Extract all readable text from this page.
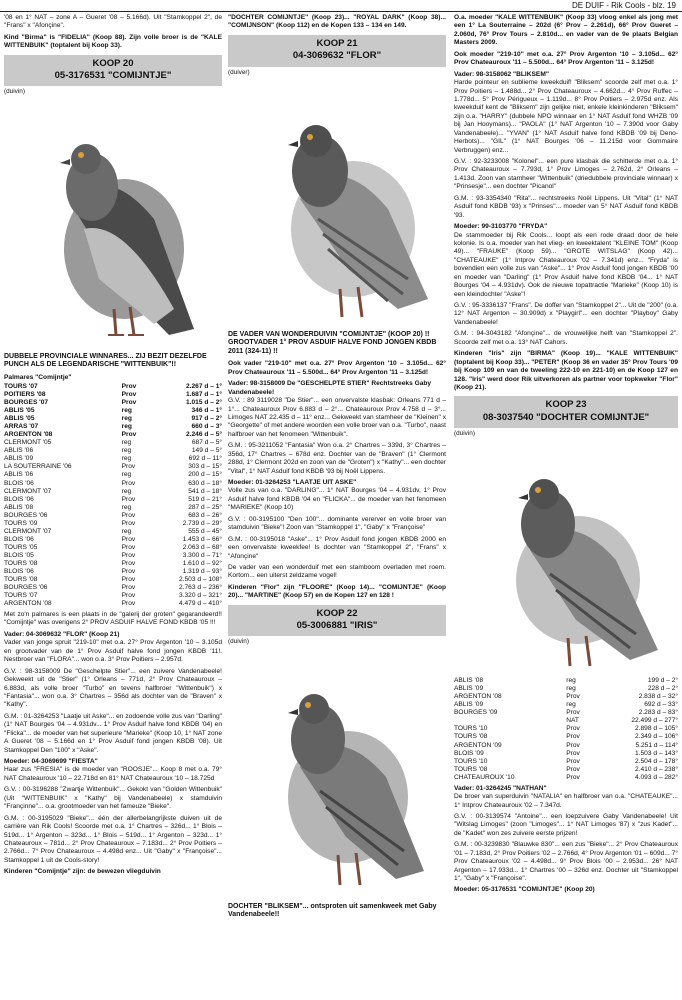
DE DUIF - Rik Cools - blz. 19

'08 en 1° NAT – zone A – Gueret '08 – 5.166d). Uit "Stamkoppel 2", de "Frans" x "Afonçine".

Kind "Birma" is "FIDELIA" (Koop 88). Zijn volle broer is de "KALE WITTENBUIK" (toptalent bij Koop 33).

KOOP 20
05-3176531 "COMIJNTJE"
(duivin)
DUBBELE PROVINCIALE WINNARES... ZIJ BEZIT DEZELFDE PUNCH ALS DE LEGENDARISCHE "WITTENBUIK"!!
Palmares "Comijntje"
TOURS '07	Prov	2.267 d – 1°
POITIERS '08	Prov	1.687 d – 1°
BOURGES '07	Prov	1.015 d – 2°
ABLIS '05	reg	346 d – 1°
ABLIS '05	reg	917 d – 2°
ARRAS '07	reg	660 d – 3°
ARGENTON '08	Prov	2.246 d – 5°
CLERMONT '05	reg	687 d – 5°
ABLIS '06	reg	149 d – 5°
ABLIS '09	reg	692 d – 11°
LA SOUTERRAINE '06	Prov	303 d – 15°
ABLIS '06	reg	200 d – 15°
BLOIS '06	Prov	630 d – 18°
CLERMONT '07	reg	541 d – 18°
BLOIS '06	Prov	519 d – 21°
ABLIS '08	reg	287 d – 25°
BOURGES '06	Prov	683 d – 26°
TOURS '09	Prov	2.739 d – 29°
CLERMONT '07	reg	555 d – 45°
BLOIS '06	Prov	1.453 d – 66°
TOURS '05	Prov	2.063 d – 68°
BLOIS '05	Prov	3.300 d – 71°
TOURS '08	Prov	1.610 d – 92°
BLOIS '06	Prov	1.319 d – 93°
TOURS '08	Prov	2.503 d – 108°
BOURGES '06	Prov	2.763 d – 236°
TOURS '07	Prov	3.320 d – 321°
ARGENTON '08	Prov	4.479 d – 410°

Met zo'n palmares is een plaats in de "galerij der groten" gegarandeerd!! "Comijntje" was overigens 2° PROV ASDUIF HALVE FOND KBDB '05 !!!

Vader: 04-3069632 "FLOR" (Koop 21)

Vader van jonge spruit "219-10" met o.a. 27° Prov Argenton '10 – 3.105d en grootvader van de 1° Prov Asduif halve fond jongen KBDB '11!. Nestbroer van "FLORA"... won o.a. 3° Prov Poitiers – 2.957d.

G.V. : 98-3158009 De "Geschelpte Stier"... een zuivere Vandenabeele! Gekweekt uit de "Stier" (1° Orleans – 771d, 2° Prov Chateauroux – 6.883d, als volle broer "Turbo" en tevens halfbroer "Wittenbuik") x "Fantasia"... won o.a. 3° Chartres – 356d als dochter van de "Braven" x "Kathy".

G.M. : 01-3264253 "Laatje uit Aske"... en zodoende volle zus van "Darling" (1° NAT Bourges '04 – 4.931dv... 1° Prov Asduif halve fond KBDB '04) en "Flicka"... de moeder van het superieure "Marieke" (Koop 10, 1° NAT zone A Gueret '08 – 5.166d en 1° Prov Asduif fond jongen KBDB '08). Uit Stamkoppel Den "100" x "Aske".

Moeder: 04-3069699 "FIESTA"

Haar zus "FRESIA" is de moeder van "ROOSJE"... Koop 8 met o.a. 79° NAT Chateauroux '10 – 22.718d en 81° NAT Chateauroux '10 – 18.725d

G.V. : 00-3196288 "Zwartje Wittenbuik"... Gekokt van "Golden Wittenbuik" (Uit "WITTENBUIK" x "Kathy" bij Vandenabeele) x stamduivin "Françinne"... o.a. grootmoeder van het fameuze "Bieke".

G.M. : 00-3195029 "Bieke"... één der allerbelangrijkste duiven uit de carrière van Rik Cools! Scoorde met o.a. 1° Chartres – 326d... 1° Blois – 519d... 1° Argenton – 323d... 1° Blois – 519d... 1° Argenton – 323d... 1° Chateauroux – 781d... 2° Prov Chateauroux – 7.183d... 2° Prov Poitiers – 2.766d... 7° Prov Chateauroux – 4.498d enz... Uit "Gaby" x "Françoise"... Stamkoppel 1 uit de Cools-story!

Kinderen "Comijntje" zijn: de bewezen vliegduivin

"DOCHTER COMIJNTJE" (Koop 23)... "ROYAL DARK" (Koop 38)... "COMIJNSON" (Koop 112) en de Kopen 133 – 134 en 149.

KOOP 21
04-3069632 "FLOR"
(duiver)
DE VADER VAN WONDERDUIVIN "COMIJNTJE" (KOOP 20) !! GROOTVADER 1° PROV ASDUIF HALVE FOND JONGEN KBDB 2011 (324-11) !!

Ook vader "219-10" met o.a. 27° Prov Argenton '10 – 3.105d... 62° Prov Chateauroux '11 – 5.500d... 64° Prov Argenton '11 – 3.125d!

Vader: 98-3158009 De "GESCHELPTE STIER" Rechtstreeks Gaby Vandenabeele!

G.V. : 89 3119028 "De Stier"... een onvervalste klasbak: Orleans 771 d – 1°... Chateauroux Prov 6.883 d – 2°... Chateauroux Prov 4.758 d – 3°... Limoges NAT 22.435 d – 11° enz... Gekweekt van stamheer de "Kleinen" x "Georgette" of met andere woorden een volle broer van o.a. "Turbo", naast halfbroer van het fenomeen "Wittenbuik".

G.M. : 95-3211052 "Fantasia" Won o.a. 2° Chartres – 339d, 3° Chartres – 356d, 17° Chartres – 678d enz. Dochter van de "Braven" (1° Clermont 288d, 1° Clermont 202d en zoon van de "Groten") x "Kathy"... een dochter "Vital", 1° NAT Asduif fond KBDB '93 bij Noël Lippens.

Moeder: 01-3264253 "LAATJE UIT ASKE"

Volle zus van o.a. "DARLING"... 1° NAT Bourges '04 – 4.931dv, 1° Prov Asduif halve fond KBDB '04 en "FLICKA"... de moeder van het fenomeen "MARIEKE" (Koop 10)

G.V. : 00-3195100 "Den 100"... dominante vererver en volle broer van stamduivin "Bieke"! Zoon van "Stamkoppel 1", "Gaby" x "Françoise"

G.M. : 00-3195018 "Aske"... 1° Prov Asduif fond jongen KBDB 2000 en een onvervalste kweekfee! Is dochter van "Stamkoppel 2", "Frans" x "Afonçine"

De vader van een wonderduif met een stamboom overladen met roem. Kortom... een uiterst zeldzame vogel!

Kinderen "Flor" zijn "FLOORE" (Koop 14)... "COMIJNTJE" (Koop 20)... "MARTINE" (Koop 57) en de Kopen 127 en 128 !

KOOP 22
05-3006881 "IRIS"
(duivin)
DOCHTER "BLIKSEM"... ontsproten uit samenkweek met Gaby Vandenabeele!!

O.a. moeder "KALE WITTENBUIK" (Koop 33) vloog enkel als jong met een 1° La Souterraine – 202d (6° Prov – 2.261d), 66° Prov Gueret – 2.060d, 76° Prov Tours – 2.810d... en vader van de 9e plaats Belgian Masters 2009.

Ook moeder "219-10" met o.a. 27° Prov Argenton '10 – 3.105d... 62° Prov Chateauroux '11 – 5.500d... 64° Prov Argenton '11 – 3.125d!

Vader: 98-3158062 "BLIKSEM"

Harde pointeur en sublieme kweekduif! "Bliksem" scoorde zelf met o.a. 1° Prov Poitiers – 1.488d... 2° Prov Chateauroux – 4.662d... 4° Prov Ruffec – 1.778d... 5° Prov Périgueux – 1.119d... 8° Prov Poitiers – 2.975d enz. Als kweekduif kent de "Bliksem" zijn gelijke niet, enkele kleinkinderen "Bliksem" zijn o.a. "HARRY" (dubbele NPO winnaar en 1° NAT Asduif fond WHZB '09 bij Jan Hooymans)... "PAOLA" (1° NAT Argenton '10 – 7.390d voor Gaby Vandenabeele)... "YVAN" (1° NAT Asduif halve fond KBDB '09 bij Deno-Herbots)... "GIL" (1° NAT Bourges '06 – 11.215d voor Gommaire Verbruggen) enz...

G.V. : 92-3233008 "Kolonel"... een pure klasbak die schitterde met o.a. 1° Prov Chateauroux – 7.793d, 1° Prov Limoges – 2.762d, 2° Orleans – 1.413d. Zoon van stamheer "Wittenbuik" (driedubbele provinciale winnaar) x "Prinsesje"... een dochter "Picanol"

G.M. : 93-3354340 "Rita"... rechtstreeks Noël Lippens. Uit "Vital" (1° NAT Asduif fond KBDB '93) x "Prinses"... moeder van 5° NAT Asduif fond KBDB '93.

Moeder: 99-3103770 "FRYDA"

De stammoeder bij Rik Cools... loopt als een rode draad door de hele kolonie. Is o.a. moeder van het vlieg- en kweektalent "KLEINE TOM" (Koop 49)... "FRAUKE" (Koop 59)... "GROTE WITSLAG" (Koop 42)... "CHATEAUKE" (1° Intprov Chateauroux '02 – 7.341d) enz... "Fryda" is bovendien een volle zus van "Aske"... 1° Prov Asduif fond jongen KBDB '00 en moeder van "Darling" (1° Prov Asduif halve fond KBDB '04... 1° NAT Bourges '04 – 4.931dv). Ook de nieuwe topattractie "Marieke" (Koop 10) is een kleindochter "Aske"!

G.V. : 95-3336137 "Frans". De doffer van "Stamkoppel 2"... Uit de "200" (o.a. 12° NAT Argenton – 30.909d) x "Playgirl"... een dochter "Playboy" Gaby Vandenabeele!

G.M. : 94-3043182 "Afonçine"... de vrouwelijke helft van "Stamkoppel 2". Scoorde zelf met o.a. 13° NAT Cahors.

Kinderen "Iris" zijn "BIRMA" (Koop 19)... "KALE WITTENBUIK" (toptalent bij Koop 33)... "PETER" (Koop 36 en vader 35° Prov Tours '09 bij Koop 109 en van de tweeling 222-10 en 221-10) en de Koop 127 en 128. "Iris" werd door Rik uitverkoren als partner voor topkweker "Flor" (Koop 21).

KOOP 23
08-3037540 "DOCHTER COMIJNTJE"
(duivin)
ABLIS '08	reg	199 d – 2°
ABLIS '09	reg	228 d – 2°
ARGENTON '08	Prov	2.838 d – 32°
ABLIS '09	reg	692 d – 33°
BOURGES '09	Prov	2.283 d – 83°
	NAT	22.499 d – 277°
TOURS '10	Prov	2.898 d – 105°
TOURS '08	Prov	2.349 d – 106°
ARGENTON '09	Prov	5.251 d – 114°
BLOIS '09	Prov	1.503 d – 143°
TOURS '10	Prov	2.504 d – 178°
TOURS '08	Prov	2.410 d – 238°
CHATEAUROUX '10	Prov	4.093 d – 282°
Vader: 01-3264245 "NATHAN"

De broer van superduivin "NATALIA" en halfbroer van o.a. "CHATEAUKE"... 1° Intprov Chateauroux '02 – 7.347d.

G.V. : 00-3139574 "Antoine"... een loepzuivere Gaby Vandenabeele! Uit "Witslag Limoges" (zoon "Limoges"... 1° NAT Limoges '87) x "zus Kadet"... de "Kadet" won zes zuivere eerste prijzen!

G.M. : 00-3239830 "Blauwke 830"... een zus "Bieke"... 2° Prov Chateauroux '01 – 7.183d, 2° Prov Poitiers '02 – 2.766d, 4° Prov Argenton '01 – 609d... 7° Prov Chateauroux '02 – 4.498d... 9° Prov Blois '00 – 2.953d... 26° NAT Argenton – 17.933d... 1° Chartres '00 – 326d enz. Dochter uit "Stamkoppel 1", "Gaby" x "Françoise".

Moeder: 05-3176531 "COMIJNTJE" (Koop 20)
